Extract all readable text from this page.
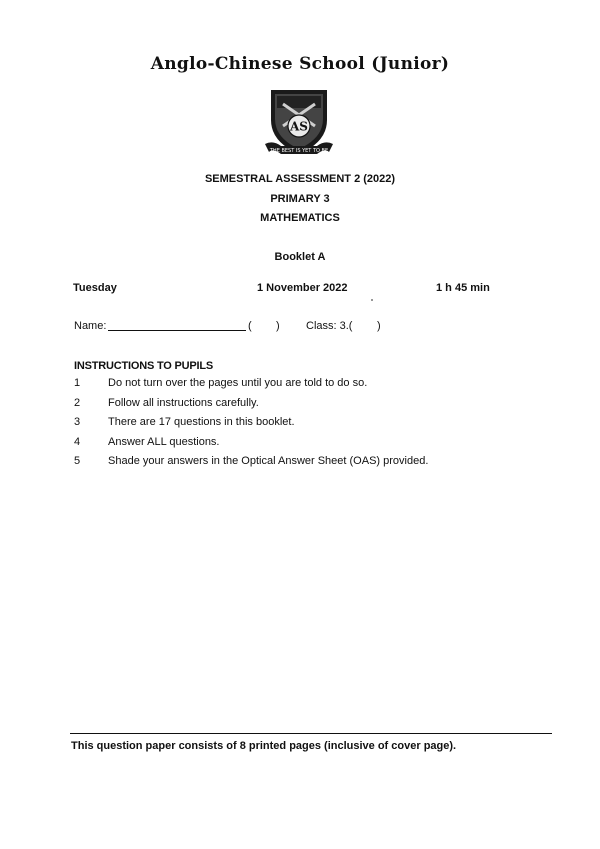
Anglo-Chinese School (Junior)
AS
THE BEST IS YET TO BE
SEMESTRAL ASSESSMENT 2 (2022)
PRIMARY 3
MATHEMATICS
Booklet A
Tuesday	1 November 2022	1 h 45 min
Name:	( ) Class: 3.( )
INSTRUCTIONS TO PUPILS
1	Do not turn over the pages until you are told to do so.
2	Follow all instructions carefully.
3	There are 17 questions in this booklet.
4	Answer ALL questions.
5	Shade your answers in the Optical Answer Sheet (OAS) provided.
This question paper consists of 8 printed pages (inclusive of cover page).
